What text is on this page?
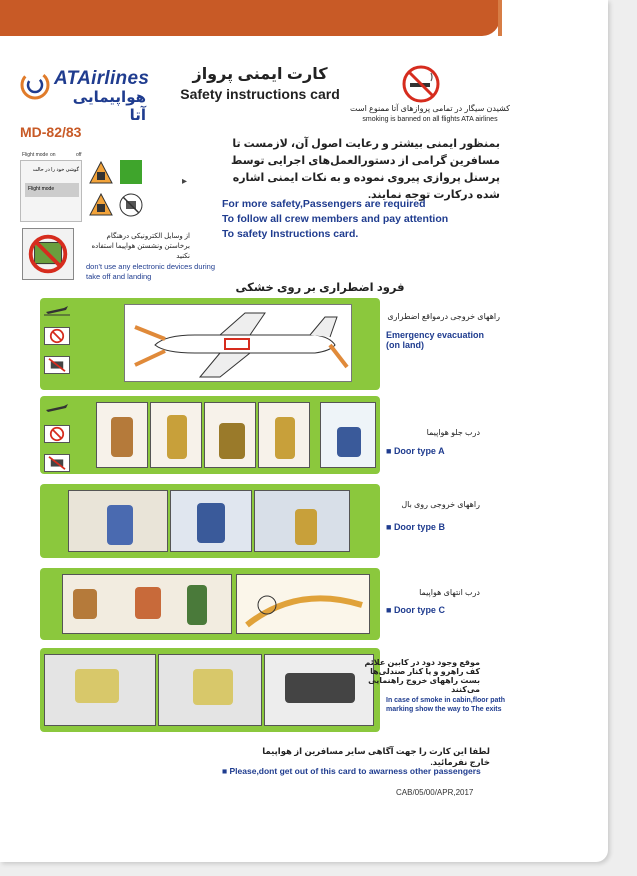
ATAirlines
هواپیمایی آتا
کارت ایمنی پرواز
Safety instructions card
کشیدن سیگار در تمامی پروازهای آتا ممنوع است
smoking is banned on all flights ATA airlines
MD-82/83
Flight mode on	off
گوشی خود را در حالت
Flight mode
▸
از وسایل الکترونیکی درهنگام برخاستن ونشستن هواپیما استفاده نکنید
don't use any electronic devices during take off and landing
بمنظور ایمنی بیشتر و رعایت اصول آن، لازمست تا مسافرین گرامی از دستورالعمل‌های اجرایی توسط پرسنل پروازی پیروی نموده و به نکات ایمنی اشاره شده درکارت توجه نمایند.
For more safety,Passengers are required
To follow all crew members and pay attention
To safety Instructions card.
فرود اضطراری بر روی خشکی

راههای خروجی درمواقع اضطراری
Emergency evacuation (on land)

درب جلو هواپیما
■ Door type A
راههای خروجی روی بال
■ Door type B
درب انتهای هواپیما
■ Door type C
موقع وجود دود در کابین علائم کف راهرو و یا کنار صندلی‌ها بست راههای خروج راهنمایی می‌کنند
In case of smoke in cabin,floor path marking show the way to The exits
لطفا این کارت را جهت آگاهی سایر مسافرین از هواپیما خارج نفرمائید.
■ Please,dont get out of this card to awarness other passengers
CAB/05/00/APR,2017
